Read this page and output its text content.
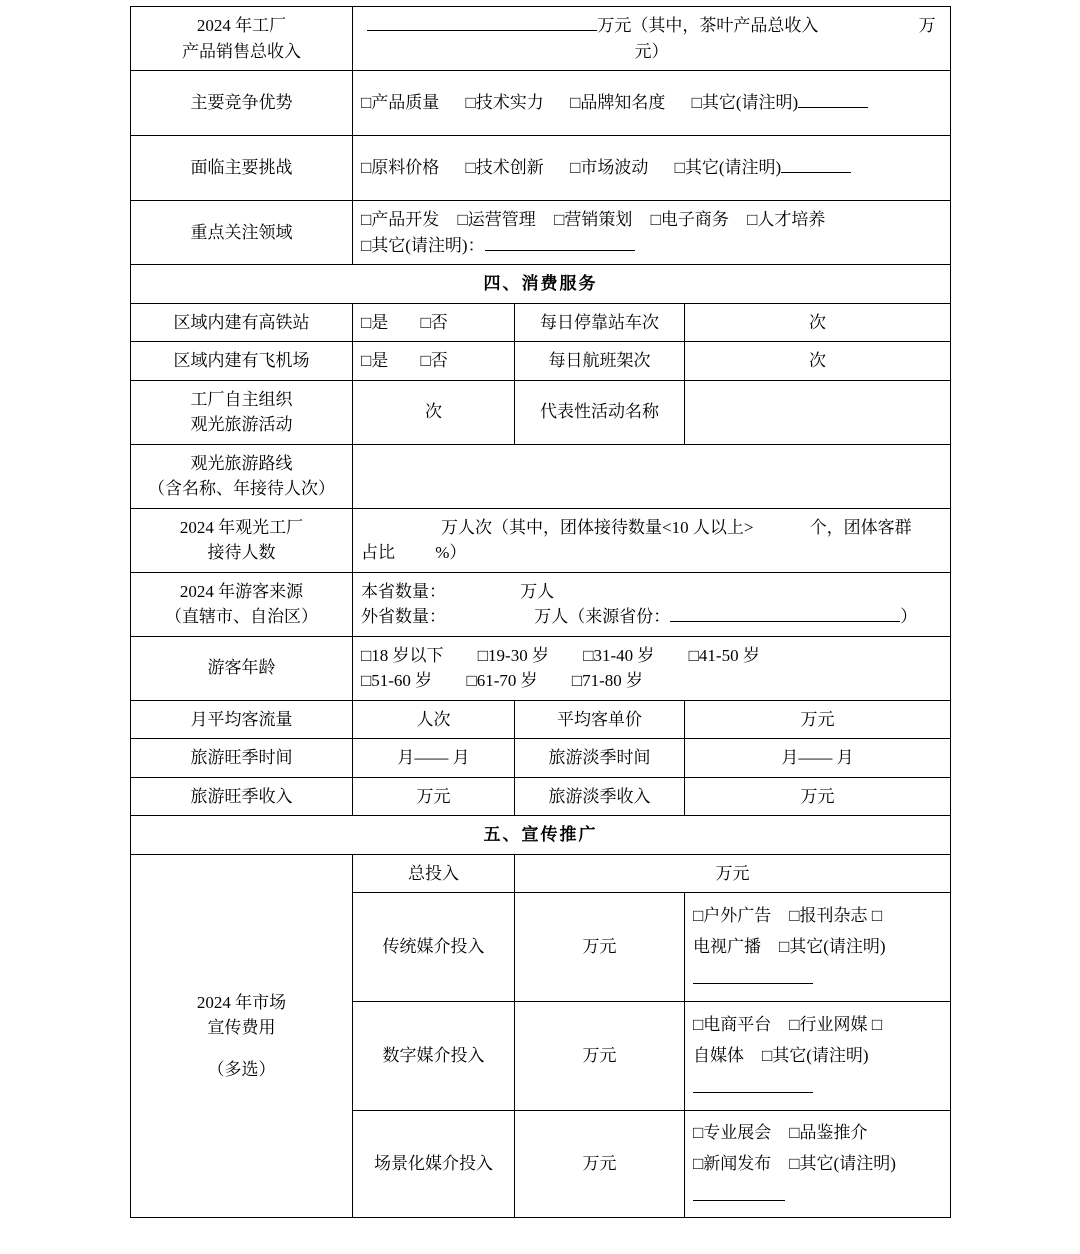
2024 年工厂
产品销售总收入	万元（其中，茶叶产品总收入 万元）		
主要竞争优势	□产品质量 □技术实力 □品牌知名度 □其它(请注明)		
面临主要挑战	□原料价格 □技术创新 □市场波动 □其它(请注明)		
重点关注领域	□产品开发 □运营管理 □营销策划 □电子商务 □人才培养
□其它(请注明)：		

四、消费服务			
区域内建有高铁站	□是 □否	每日停靠站车次	次
区域内建有飞机场	□是 □否	每日航班架次	次

工厂自主组织
观光旅游活动	次	代表性活动名称	

观光旅游路线
（含名称、年接待人次）			

2024 年观光工厂
接待人数	万人次（其中，团体接待数量<10 人以上> 个，团体客群
占比 %）		

2024 年游客来源
（直辖市、自治区）	本省数量： 万人
外省数量： 万人（来源省份： ）		

游客年龄	□18 岁以下 □19-30 岁 □31-40 岁 □41-50 岁
□51-60 岁 □61-70 岁 □71-80 岁		

月平均客流量	人次	平均客单价	万元
旅游旺季时间	月—— 月	旅游淡季时间	月—— 月
旅游旺季收入	万元	旅游淡季收入	万元
五、宣传推广			

2024 年市场
宣传费用
（多选）	总投入	万元	
	传统媒介投入	万元	□户外广告 □报刊杂志 □
电视广播 □其它(请注明)

	数字媒介投入	万元	□电商平台 □行业网媒 □
自媒体 □其它(请注明)

	场景化媒介投入	万元	□专业展会 □品鉴推介
□新闻发布 □其它(请注明)
